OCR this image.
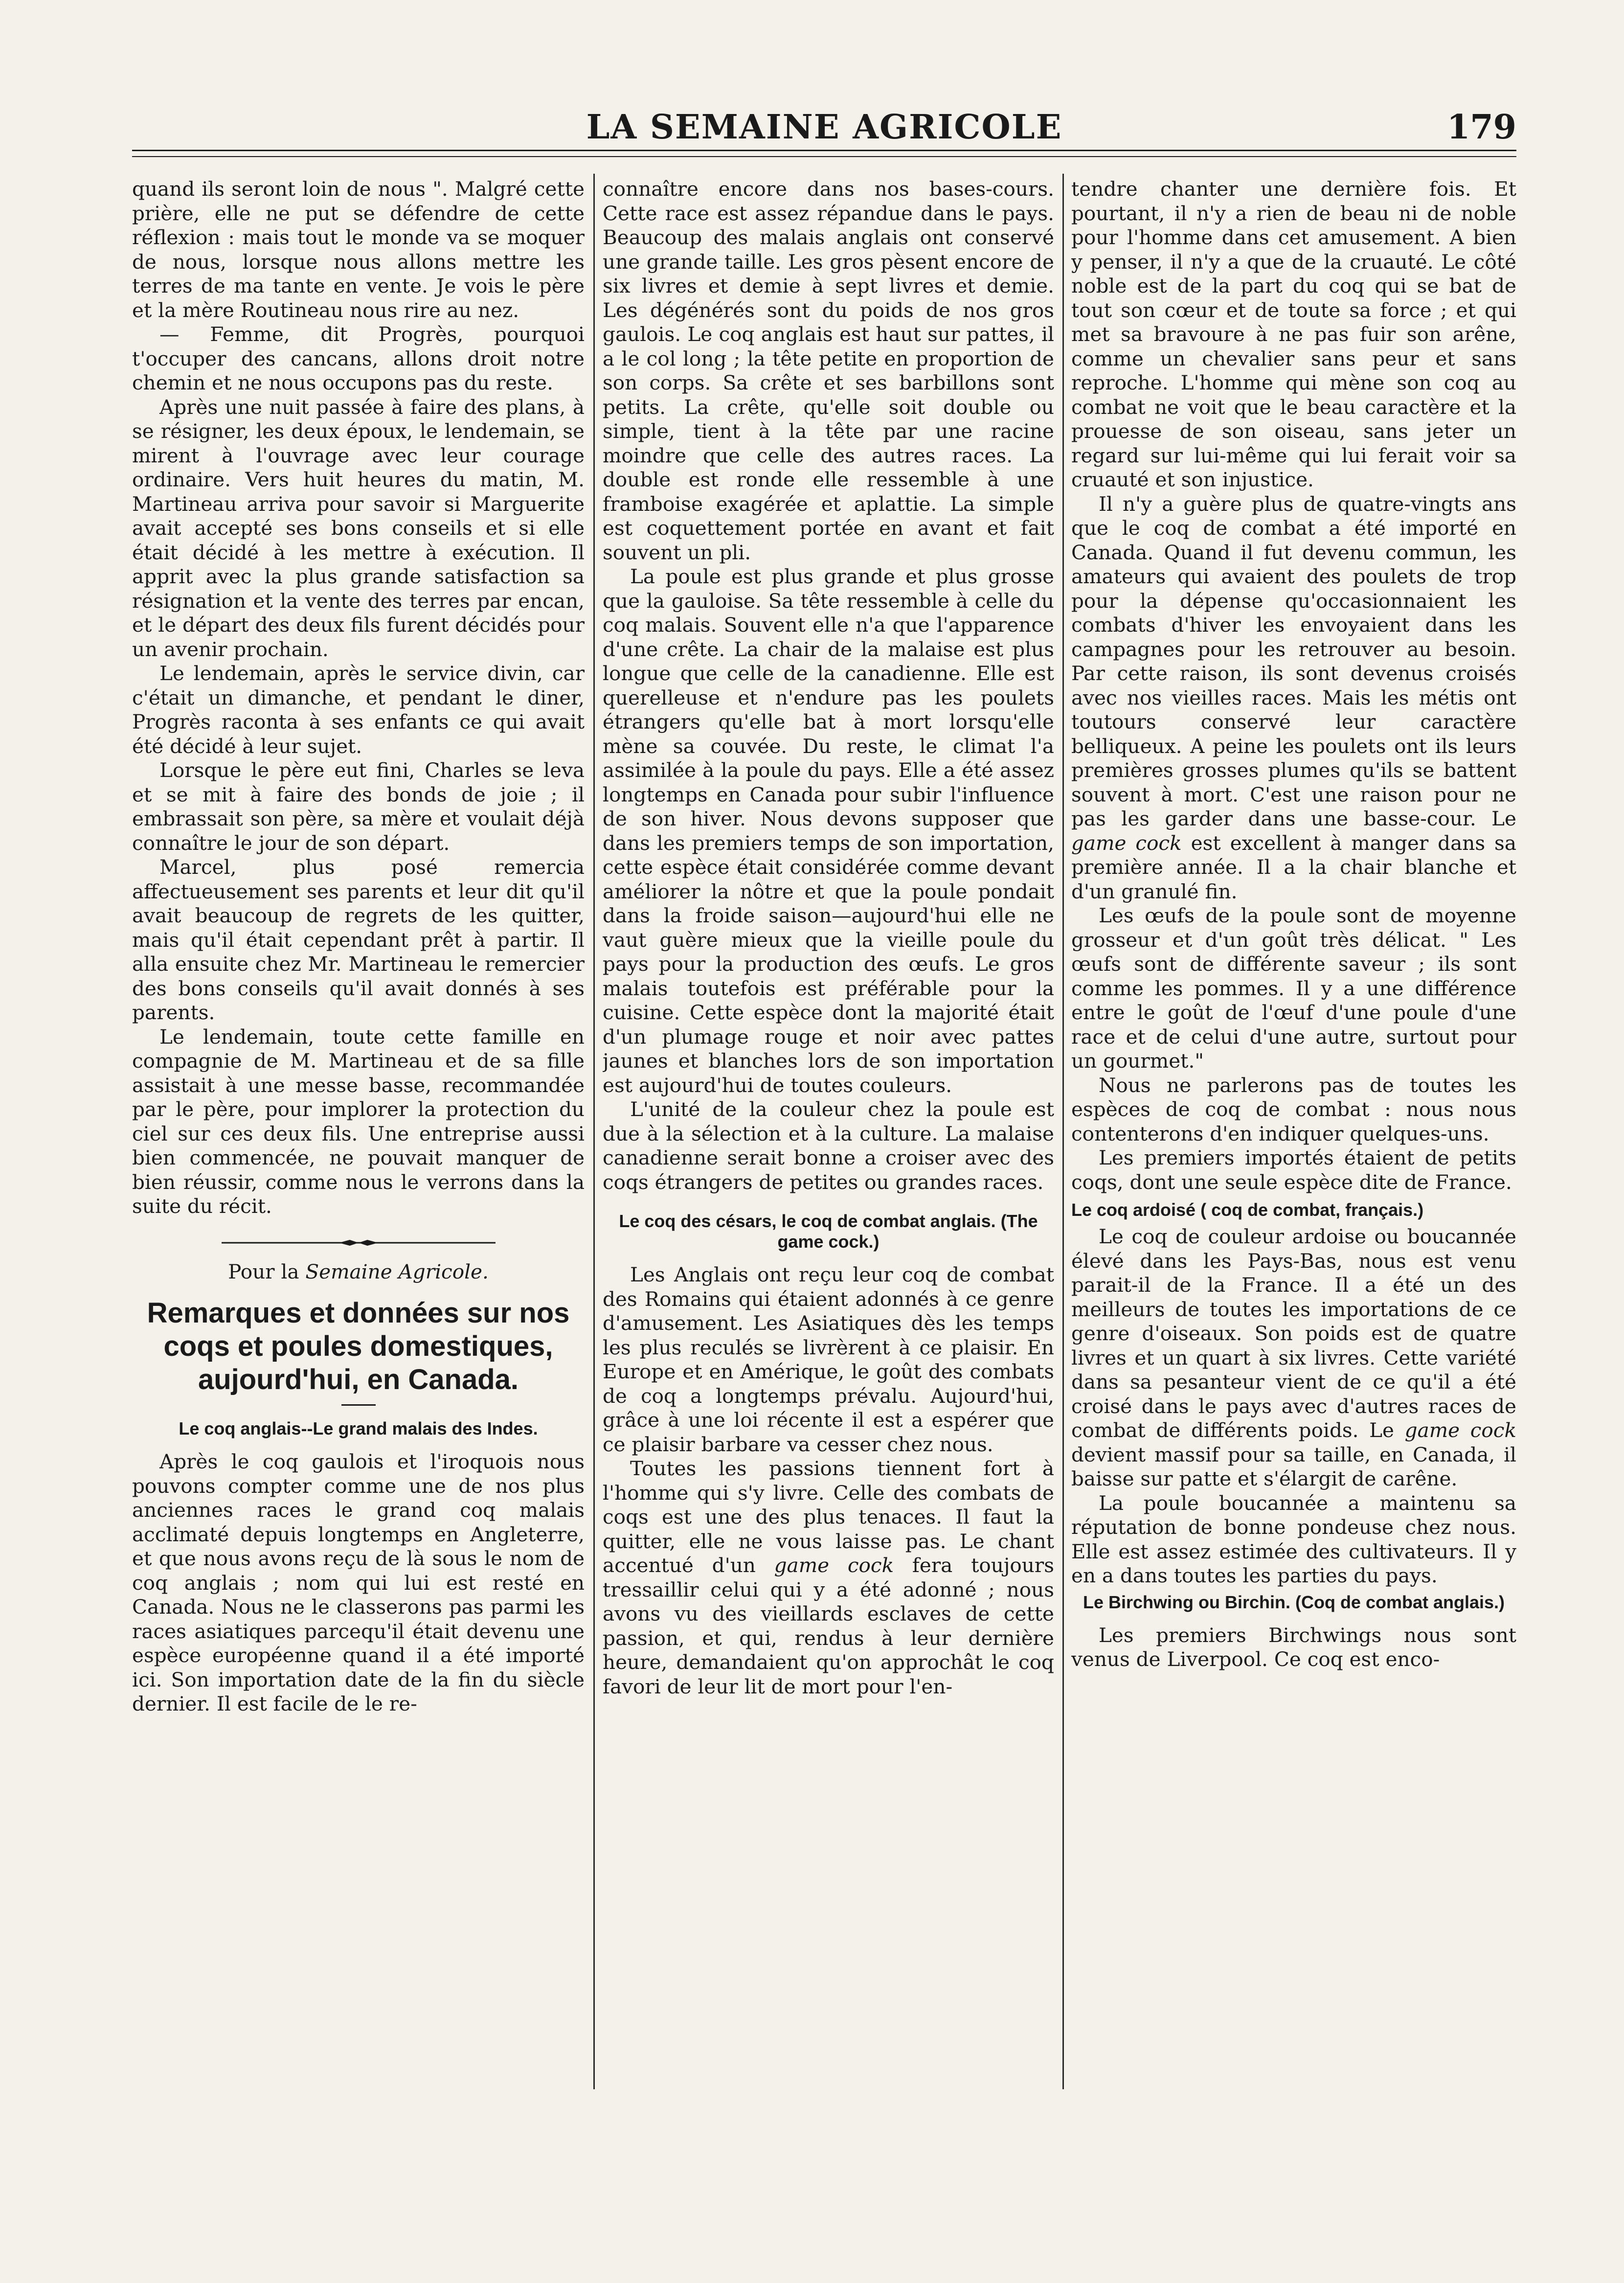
LA SEMAINE AGRICOLE	179

quand ils seront loin de nous ". Malgré cette prière, elle ne put se défendre de cette réflexion : mais tout le monde va se moquer de nous, lorsque nous allons mettre les terres de ma tante en vente. Je vois le père et la mère Routineau nous rire au nez.

— Femme, dit Progrès, pourquoi t'occuper des cancans, allons droit notre chemin et ne nous occupons pas du reste.

Après une nuit passée à faire des plans, à se résigner, les deux époux, le lendemain, se mirent à l'ouvrage avec leur courage ordinaire. Vers huit heures du matin, M. Martineau arriva pour savoir si Marguerite avait accepté ses bons conseils et si elle était décidé à les mettre à exécution. Il apprit avec la plus grande satisfaction sa résignation et la vente des terres par encan, et le départ des deux fils furent décidés pour un avenir prochain.

Le lendemain, après le service divin, car c'était un dimanche, et pendant le diner, Progrès raconta à ses enfants ce qui avait été décidé à leur sujet.

Lorsque le père eut fini, Charles se leva et se mit à faire des bonds de joie ; il embrassait son père, sa mère et voulait déjà connaître le jour de son départ.

Marcel, plus posé remercia affectueusement ses parents et leur dit qu'il avait beaucoup de regrets de les quitter, mais qu'il était cependant prêt à partir. Il alla ensuite chez Mr. Martineau le remercier des bons conseils qu'il avait donnés à ses parents.

Le lendemain, toute cette famille en compagnie de M. Martineau et de sa fille assistait à une messe basse, recommandée par le père, pour implorer la protection du ciel sur ces deux fils. Une entreprise aussi bien commencée, ne pouvait manquer de bien réussir, comme nous le verrons dans la suite du récit.

Pour la Semaine Agricole.

Remarques et données sur nos coqs et poules domestiques, aujourd'hui, en Canada.
Le coq anglais--Le grand malais des Indes.

Après le coq gaulois et l'iroquois nous pouvons compter comme une de nos plus anciennes races le grand coq malais acclimaté depuis longtemps en Angleterre, et que nous avons reçu de là sous le nom de coq anglais ; nom qui lui est resté en Canada. Nous ne le classerons pas parmi les races asiatiques parcequ'il était devenu une espèce européenne quand il a été importé ici. Son importation date de la fin du siècle dernier. Il est facile de le re-

connaître encore dans nos bases-cours. Cette race est assez répandue dans le pays. Beaucoup des malais anglais ont conservé une grande taille. Les gros pèsent encore de six livres et demie à sept livres et demie. Les dégénérés sont du poids de nos gros gaulois. Le coq anglais est haut sur pattes, il a le col long ; la tête petite en proportion de son corps. Sa crête et ses barbillons sont petits. La crête, qu'elle soit double ou simple, tient à la tête par une racine moindre que celle des autres races. La double est ronde elle ressemble à une framboise exagérée et aplattie. La simple est coquettement portée en avant et fait souvent un pli.

La poule est plus grande et plus grosse que la gauloise. Sa tête ressemble à celle du coq malais. Souvent elle n'a que l'apparence d'une crête. La chair de la malaise est plus longue que celle de la canadienne. Elle est querelleuse et n'endure pas les poulets étrangers qu'elle bat à mort lorsqu'elle mène sa couvée. Du reste, le climat l'a assimilée à la poule du pays. Elle a été assez longtemps en Canada pour subir l'influence de son hiver. Nous devons supposer que dans les premiers temps de son importation, cette espèce était considérée comme devant améliorer la nôtre et que la poule pondait dans la froide saison—aujourd'hui elle ne vaut guère mieux que la vieille poule du pays pour la production des œufs. Le gros malais toutefois est préférable pour la cuisine. Cette espèce dont la majorité était d'un plumage rouge et noir avec pattes jaunes et blanches lors de son importation est aujourd'hui de toutes couleurs.

L'unité de la couleur chez la poule est due à la sélection et à la culture. La malaise canadienne serait bonne a croiser avec des coqs étrangers de petites ou grandes races.

Le coq des césars, le coq de combat anglais. (The game cock.)

Les Anglais ont reçu leur coq de combat des Romains qui étaient adonnés à ce genre d'amusement. Les Asiatiques dès les temps les plus reculés se livrèrent à ce plaisir. En Europe et en Amérique, le goût des combats de coq a longtemps prévalu. Aujourd'hui, grâce à une loi récente il est a espérer que ce plaisir barbare va cesser chez nous.

Toutes les passions tiennent fort à l'homme qui s'y livre. Celle des combats de coqs est une des plus tenaces. Il faut la quitter, elle ne vous laisse pas. Le chant accentué d'un game cock fera toujours tressaillir celui qui y a été adonné ; nous avons vu des vieillards esclaves de cette passion, et qui, rendus à leur dernière heure, demandaient qu'on approchât le coq favori de leur lit de mort pour l'en-

tendre chanter une dernière fois. Et pourtant, il n'y a rien de beau ni de noble pour l'homme dans cet amusement. A bien y penser, il n'y a que de la cruauté. Le côté noble est de la part du coq qui se bat de tout son cœur et de toute sa force ; et qui met sa bravoure à ne pas fuir son arêne, comme un chevalier sans peur et sans reproche. L'homme qui mène son coq au combat ne voit que le beau caractère et la prouesse de son oiseau, sans jeter un regard sur lui-même qui lui ferait voir sa cruauté et son injustice.

Il n'y a guère plus de quatre-vingts ans que le coq de combat a été importé en Canada. Quand il fut devenu commun, les amateurs qui avaient des poulets de trop pour la dépense qu'occasionnaient les combats d'hiver les envoyaient dans les campagnes pour les retrouver au besoin. Par cette raison, ils sont devenus croisés avec nos vieilles races. Mais les métis ont toutours conservé leur caractère belliqueux. A peine les poulets ont ils leurs premières grosses plumes qu'ils se battent souvent à mort. C'est une raison pour ne pas les garder dans une basse-cour. Le game cock est excellent à manger dans sa première année. Il a la chair blanche et d'un granulé fin.

Les œufs de la poule sont de moyenne grosseur et d'un goût très délicat. " Les œufs sont de différente saveur ; ils sont comme les pommes. Il y a une différence entre le goût de l'œuf d'une poule d'une race et de celui d'une autre, surtout pour un gourmet."

Nous ne parlerons pas de toutes les espèces de coq de combat : nous nous contenterons d'en indiquer quelques-uns.

Les premiers importés étaient de petits coqs, dont une seule espèce dite de France.

Le coq ardoisé ( coq de combat, français.)

Le coq de couleur ardoise ou boucannée élevé dans les Pays-Bas, nous est venu parait-il de la France. Il a été un des meilleurs de toutes les importations de ce genre d'oiseaux. Son poids est de quatre livres et un quart à six livres. Cette variété dans sa pesanteur vient de ce qu'il a été croisé dans le pays avec d'autres races de combat de différents poids. Le game cock devient massif pour sa taille, en Canada, il baisse sur patte et s'élargit de carêne.

La poule boucannée a maintenu sa réputation de bonne pondeuse chez nous. Elle est assez estimée des cultivateurs. Il y en a dans toutes les parties du pays.

Le Birchwing ou Birchin. (Coq de combat anglais.)

Les premiers Birchwings nous sont venus de Liverpool. Ce coq est enco-
